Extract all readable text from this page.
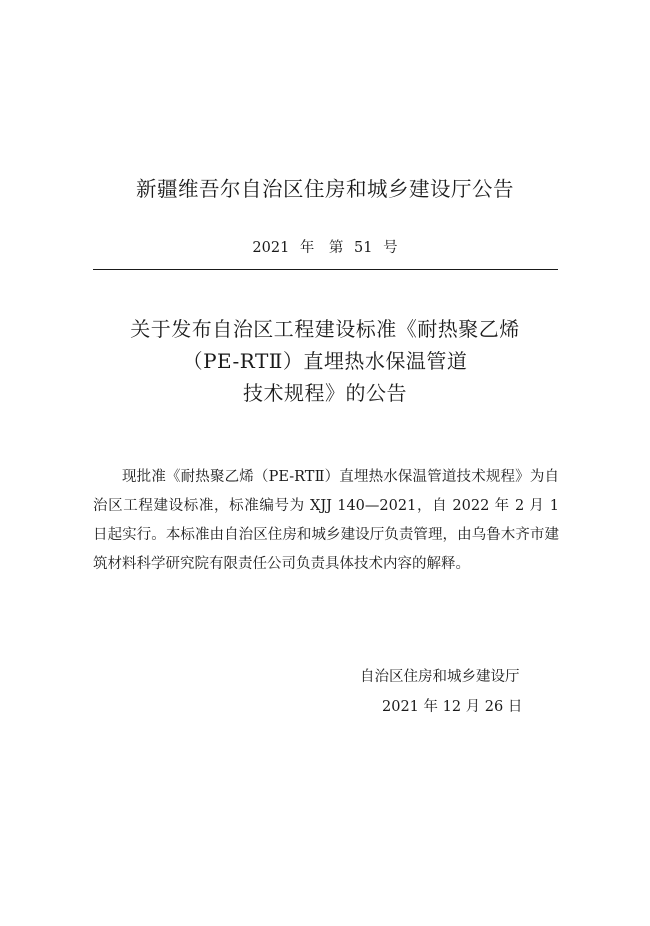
新疆维吾尔自治区住房和城乡建设厅公告
2021 年　第 51 号
关于发布自治区工程建设标准《耐热聚乙烯
（PE-RTⅡ）直埋热水保温管道
技术规程》的公告
现批准《耐热聚乙烯（PE-RTⅡ）直埋热水保温管道技术规程》为自治区工程建设标准，标准编号为 XJJ 140—2021，自 2022 年 2 月 1 日起实行。本标准由自治区住房和城乡建设厅负责管理，由乌鲁木齐市建筑材料科学研究院有限责任公司负责具体技术内容的解释。
自治区住房和城乡建设厅
2021 年 12 月 26 日
